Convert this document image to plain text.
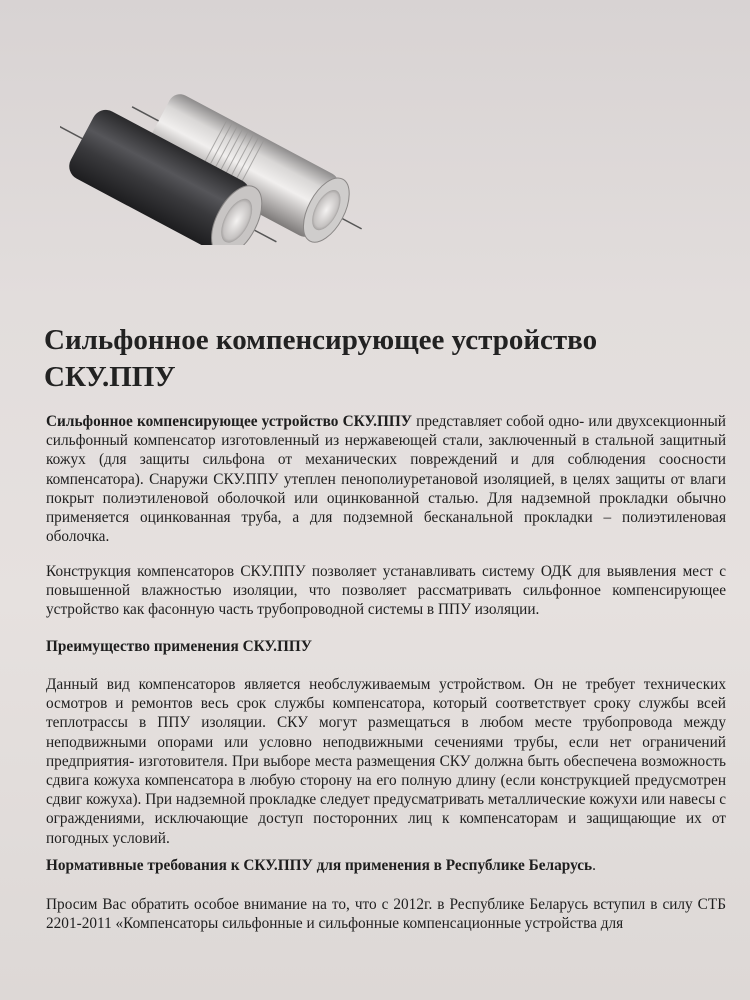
Сильфонное компенсирующее устройство
СКУ.ППУ

Сильфонное компенсирующее устройство СКУ.ППУ представляет собой одно- или двухсекционный сильфонный компенсатор изготовленный из нержавеющей стали, заключенный в стальной защитный кожух (для защиты сильфона от механических повреждений и для соблюдения соосности компенсатора). Снаружи СКУ.ППУ утеплен пенополиуретановой изоляцией, в целях защиты от влаги покрыт полиэтиленовой оболочкой или оцинкованной сталью. Для надземной прокладки обычно применяется оцинкованная труба, а для подземной бесканальной прокладки – полиэтиленовая оболочка.

Конструкция компенсаторов СКУ.ППУ позволяет устанавливать систему ОДК для выявления мест с повышенной влажностью изоляции, что позволяет рассматривать сильфонное компенсирующее устройство как фасонную часть трубопроводной системы в ППУ изоляции.

Преимущество применения СКУ.ППУ

Данный вид компенсаторов является необслуживаемым устройством. Он не требует технических осмотров и ремонтов весь срок службы компенсатора, который соответствует сроку службы всей теплотрассы в ППУ изоляции. СКУ могут размещаться в любом месте трубопровода между неподвижными опорами или условно неподвижными сечениями трубы, если нет ограничений предприятия- изготовителя. При выборе места размещения СКУ должна быть обеспечена возможность сдвига кожуха компенсатора в любую сторону на его полную длину (если конструкцией предусмотрен сдвиг кожуха). При надземной прокладке следует предусматривать металлические кожухи или навесы с ограждениями, исключающие доступ посторонних лиц к компенсаторам и защищающие их от погодных условий.

Нормативные требования к СКУ.ППУ для применения в Республике Беларусь.

Просим Вас обратить особое внимание на то, что с 2012г. в Республике Беларусь вступил в силу СТБ 2201-2011 «Компенсаторы сильфонные и сильфонные компенсационные устройства для
